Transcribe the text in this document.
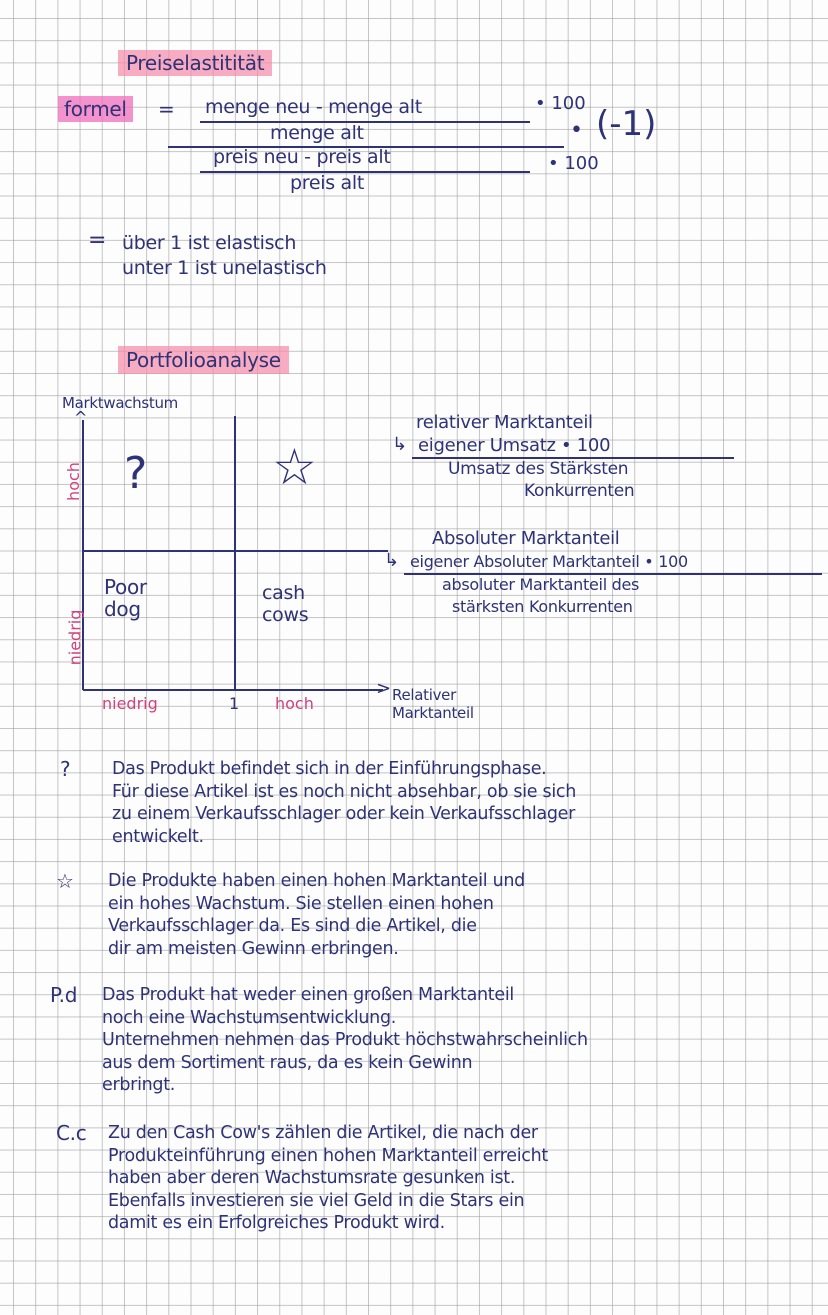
Preiselastitität
formel	= menge neu - menge alt	• 100
menge alt	• (-1)
preis neu - preis alt	• 100
preis alt
= über 1 ist elastisch
unter 1 ist unelastisch
Portfolioanalyse
Marktwachstum
^
>
hoch
niedrig
niedrig	1 hoch	Relativer
Marktanteil
? ☆
Poor
dog
cash
cows
relativer Marktanteil
↳ eigener Umsatz • 100
Umsatz des Stärksten
Konkurrenten
Absoluter Marktanteil
↳ eigener Absoluter Marktanteil • 100
absoluter Marktanteil des
stärksten Konkurrenten
? Das Produkt befindet sich in der Einführungsphase.
Für diese Artikel ist es noch nicht absehbar, ob sie sich
zu einem Verkaufsschlager oder kein Verkaufsschlager
entwickelt.
☆ Die Produkte haben einen hohen Marktanteil und
ein hohes Wachstum. Sie stellen einen hohen
Verkaufsschlager da. Es sind die Artikel, die
dir am meisten Gewinn erbringen.
P.d Das Produkt hat weder einen großen Marktanteil
noch eine Wachstumsentwicklung.
Unternehmen nehmen das Produkt höchstwahrscheinlich
aus dem Sortiment raus, da es kein Gewinn
erbringt.
C.c Zu den Cash Cow's zählen die Artikel, die nach der
Produkteinführung einen hohen Marktanteil erreicht
haben aber deren Wachstumsrate gesunken ist.
Ebenfalls investieren sie viel Geld in die Stars ein
damit es ein Erfolgreiches Produkt wird.
